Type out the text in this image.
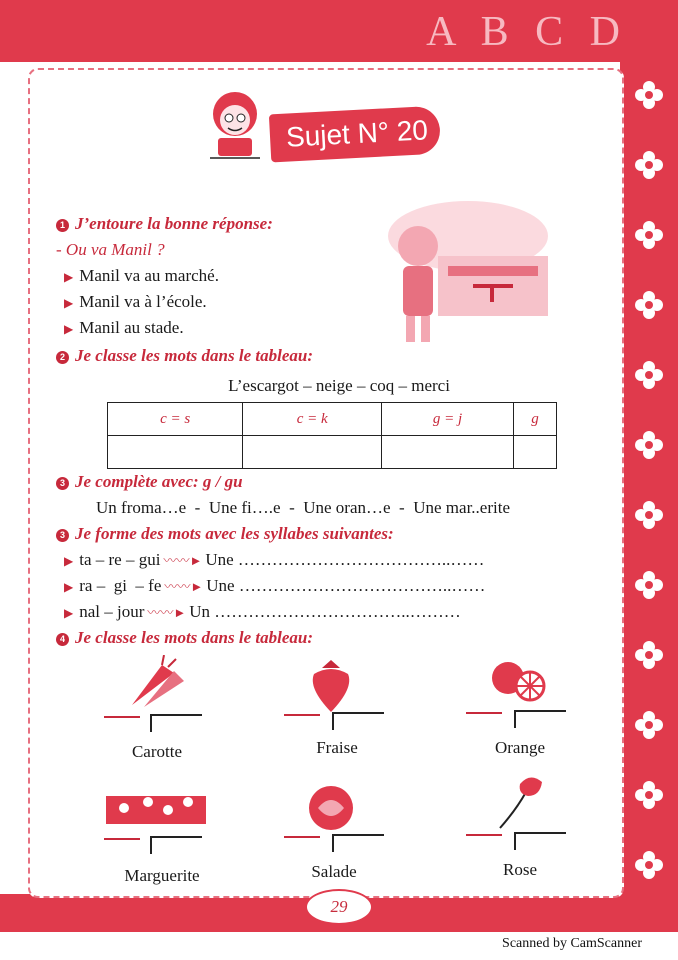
A B C D
Sujet N° 20
1 J’entoure la bonne réponse:
- Ou va Manil ?
▶ Manil va au marché.
▶ Manil va à l’école.
▶ Manil au stade.
2 Je classe les mots dans le tableau:
L’escargot – neige – coq – merci
c = s	c = k	g = j	g

3 Je complète avec: g / gu
Un froma…e  -  Une fi….e  -  Une oran…e  -  Une mar..erite
3 Je forme des mots avec les syllabes suivantes:
▶ ta – re – gui 〰〰► Une ………………………………..……
▶ ra –  gi  – fe 〰〰► Une ………………………………..……
▶ nal – jour 〰〰► Un ……………………………..………
4 Je classe les mots dans le tableau:
Carotte	Fraise	Orange
Marguerite	Salade	Rose
29
Scanned by CamScanner
